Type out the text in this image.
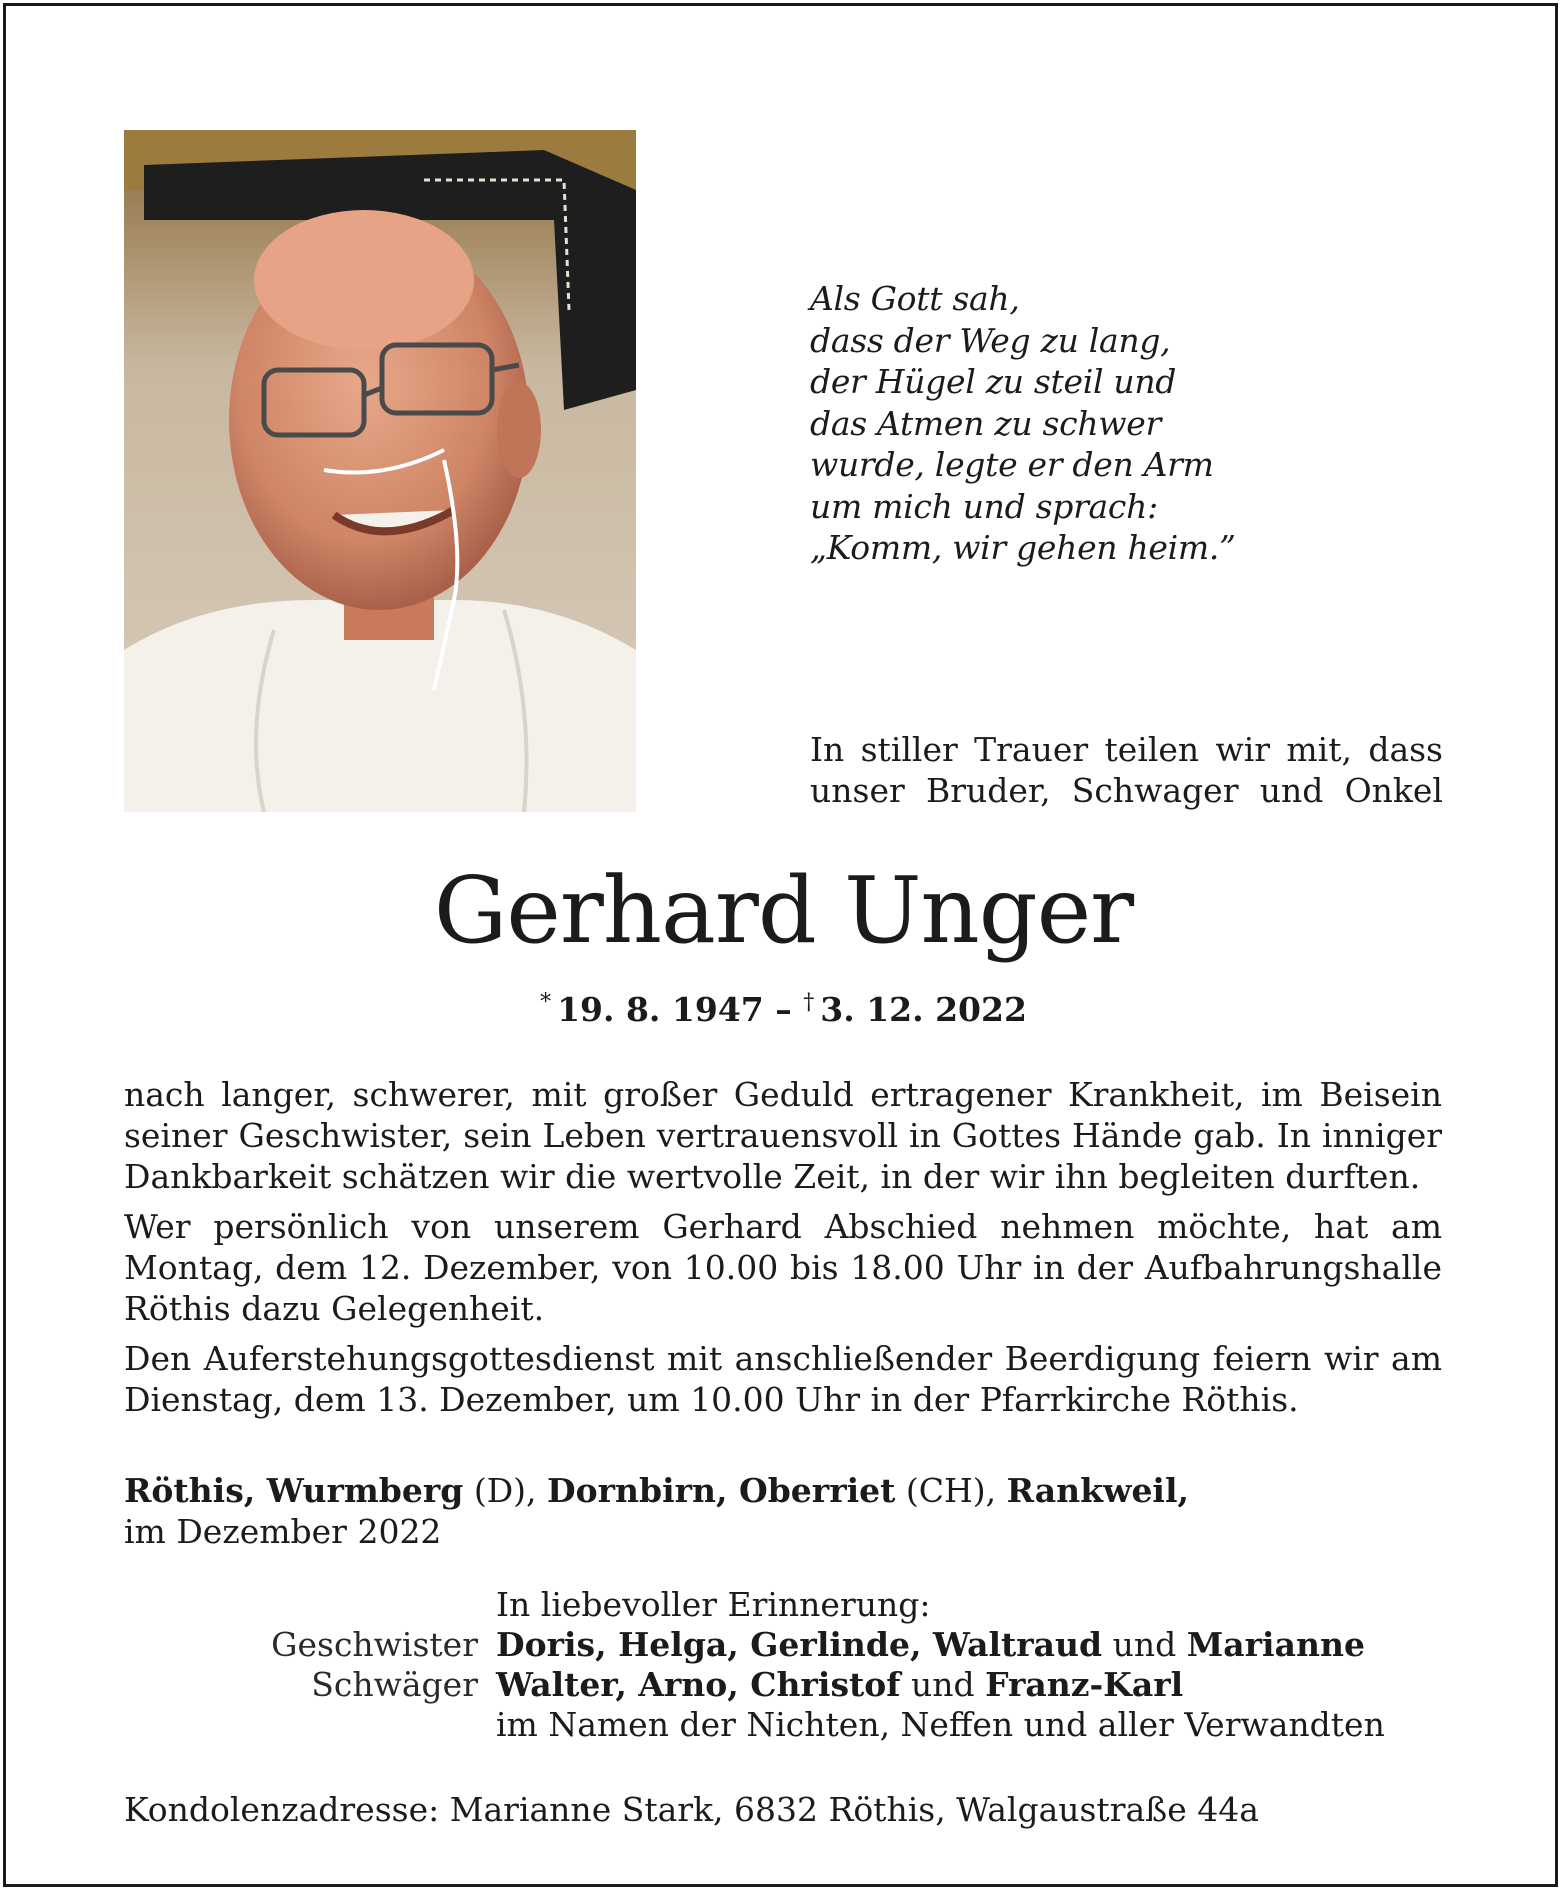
Als Gott sah,
dass der Weg zu lang,
der Hügel zu steil und
das Atmen zu schwer
wurde, legte er den Arm
um mich und sprach:
„Komm, wir gehen heim.”
In stiller Trauer teilen wir mit, dass
unser Bruder, Schwager und Onkel
Gerhard Unger
* 19. 8. 1947 – † 3. 12. 2022

nach langer, schwerer, mit großer Geduld ertragener Krankheit, im Beisein seiner Geschwister, sein Leben vertrauensvoll in Gottes Hände gab. In inniger Dankbarkeit schätzen wir die wertvolle Zeit, in der wir ihn begleiten durften.

Wer persönlich von unserem Gerhard Abschied nehmen möchte, hat am Montag, dem 12. Dezember, von 10.00 bis 18.00 Uhr in der Aufbahrungshalle Röthis dazu Gelegenheit.

Den Auferstehungsgottesdienst mit anschließender Beerdigung feiern wir am Dienstag, dem 13. Dezember, um 10.00 Uhr in der Pfarrkirche Röthis.

Röthis, Wurmberg (D), Dornbirn, Oberriet (CH), Rankweil,
im Dezember 2022
In liebevoller Erinnerung:
Geschwister Doris, Helga, Gerlinde, Waltraud und Marianne
Schwäger Walter, Arno, Christof und Franz-Karl
im Namen der Nichten, Neffen und aller Verwandten
Kondolenzadresse: Marianne Stark, 6832 Röthis, Walgaustraße 44a
